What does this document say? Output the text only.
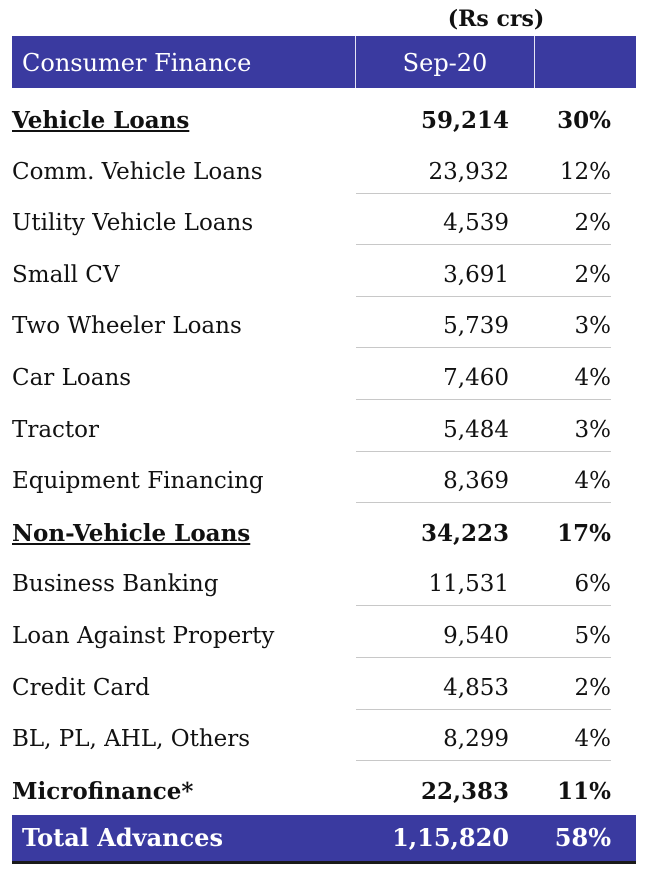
(Rs crs)
Consumer Finance	Sep-20
Vehicle Loans	59,214	30%
Comm. Vehicle Loans	23,932	12%
Utility Vehicle Loans	4,539	2%
Small CV	3,691	2%
Two Wheeler Loans	5,739	3%
Car Loans	7,460	4%
Tractor	5,484	3%
Equipment Financing	8,369	4%
Non-Vehicle Loans	34,223	17%
Business Banking	11,531	6%
Loan Against Property	9,540	5%
Credit Card	4,853	2%
BL, PL, AHL, Others	8,299	4%
Microfinance*	22,383	11%
Total Advances	1,15,820	58%
